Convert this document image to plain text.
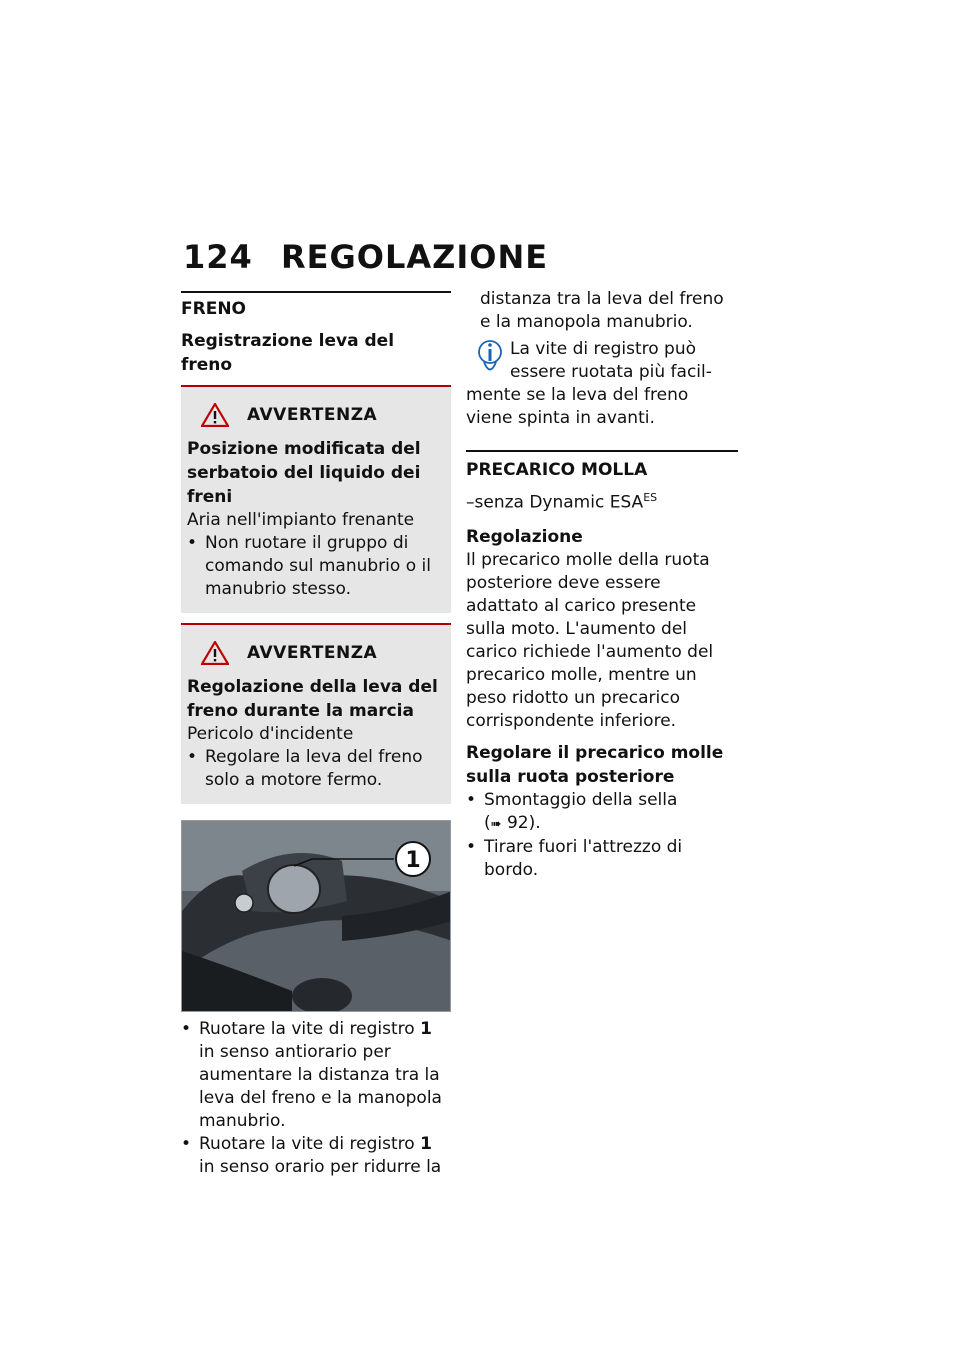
124 REGOLAZIONE
FRENO
Registrazione leva del freno
AVVERTENZA
Posizione modificata del serbatoio del liquido dei freni
Aria nell'impianto frenante
• Non ruotare il gruppo di comando sul manubrio o il manubrio stesso.
AVVERTENZA
Regolazione della leva del freno durante la marcia
Pericolo d'incidente
• Regolare la leva del freno solo a motore fermo.
1
• Ruotare la vite di registro 1 in senso antiorario per aumentare la distanza tra la leva del freno e la manopola manubrio.
• Ruotare la vite di registro 1 in senso orario per ridurre la
distanza tra la leva del freno e la manopola manubrio.
La vite di registro può essere ruotata più facil-
mente se la leva del freno viene spinta in avanti.
PRECARICO MOLLA
–senza Dynamic $ESA^{ES}$
Regolazione
Il precarico molle della ruota posteriore deve essere adattato al carico presente sulla moto. L'aumento del carico richiede l'aumento del precarico molle, mentre un peso ridotto un precarico corrispondente inferiore.
Regolare il precarico molle sulla ruota posteriore
• Smontaggio della sella
(➠ 92).
• Tirare fuori l'attrezzo di bordo.
